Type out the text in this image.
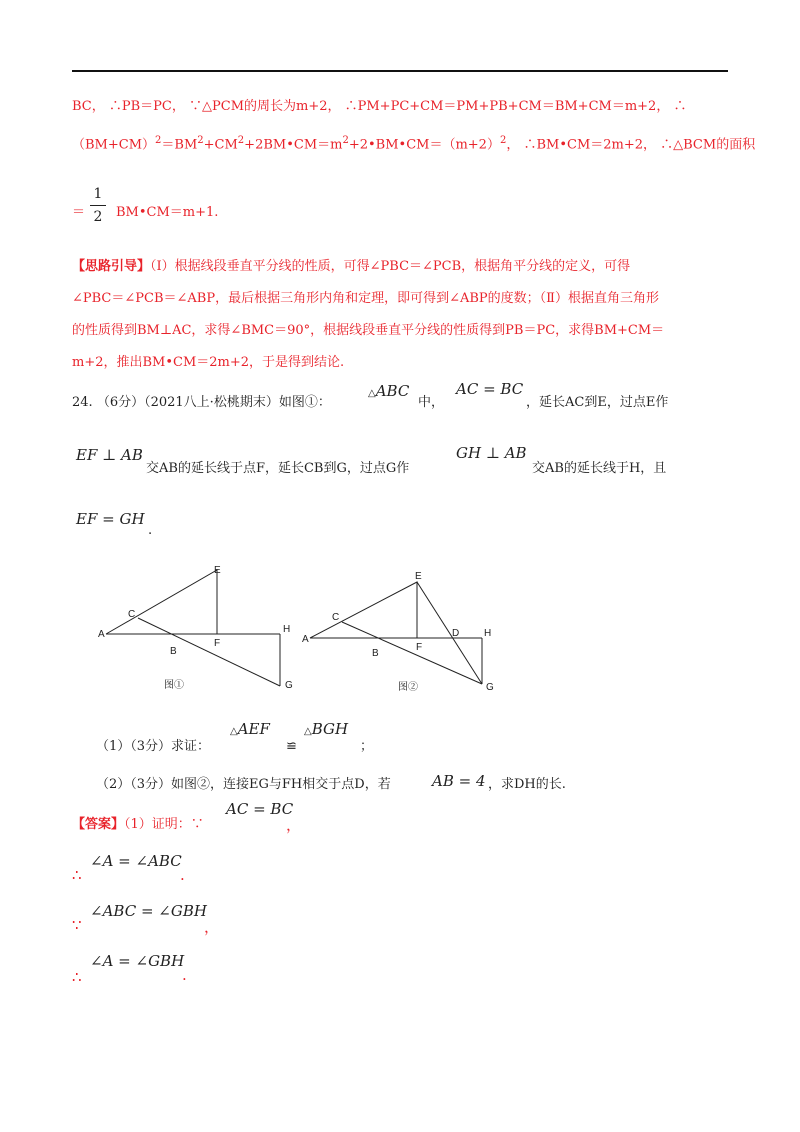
BC， ∴PB＝PC， ∵△PCM的周长为m+2， ∴PM+PC+CM＝PM+PB+CM＝BM+CM＝m+2， ∴
$(BM+CM)^2=BM^2+CM^2+2BM•CM=m^2+2•BM•CM=(m+2)^2$， ∴BM•CM＝2m+2， ∴△BCM的面积
1
2
＝ BM•CM＝m+1.
【思路引导】（Ⅰ）根据线段垂直平分线的性质，可得∠PBC＝∠PCB，根据角平分线的定义，可得
∠PBC＝∠PCB＝∠ABP，最后根据三角形内角和定理，即可得到∠ABP的度数；（Ⅱ）根据直角三角形
的性质得到BM⊥AC，求得∠BMC＝90°，根据线段垂直平分线的性质得到PB＝PC，求得BM+CM＝
m+2，推出BM•CM＝2m+2，于是得到结论.
24. （6分）（2021八上·松桃期末）如图①：
△ABC
中，
AC = BC
，延长AC到E，过点E作
EF ⊥ AB
交AB的延长线于点F，延长CB到G，过点G作
GH ⊥ AB
交AB的延长线于H，且
EF = GH
.
A
B
C
E
F
H
G
图①
A
B
C
E
F
D H
G
图②
（1）（3分）求证：
△AEF
≌
△BGH
；
（2）（3分）如图②，连接EG与FH相交于点D，若	AB = 4 ，求DH的长.
【答案】（1）证明：∵
AC = BC
，
∴
∠A = ∠ABC
.
∵
∠ABC = ∠GBH
，
∴
∠A = ∠GBH
.
